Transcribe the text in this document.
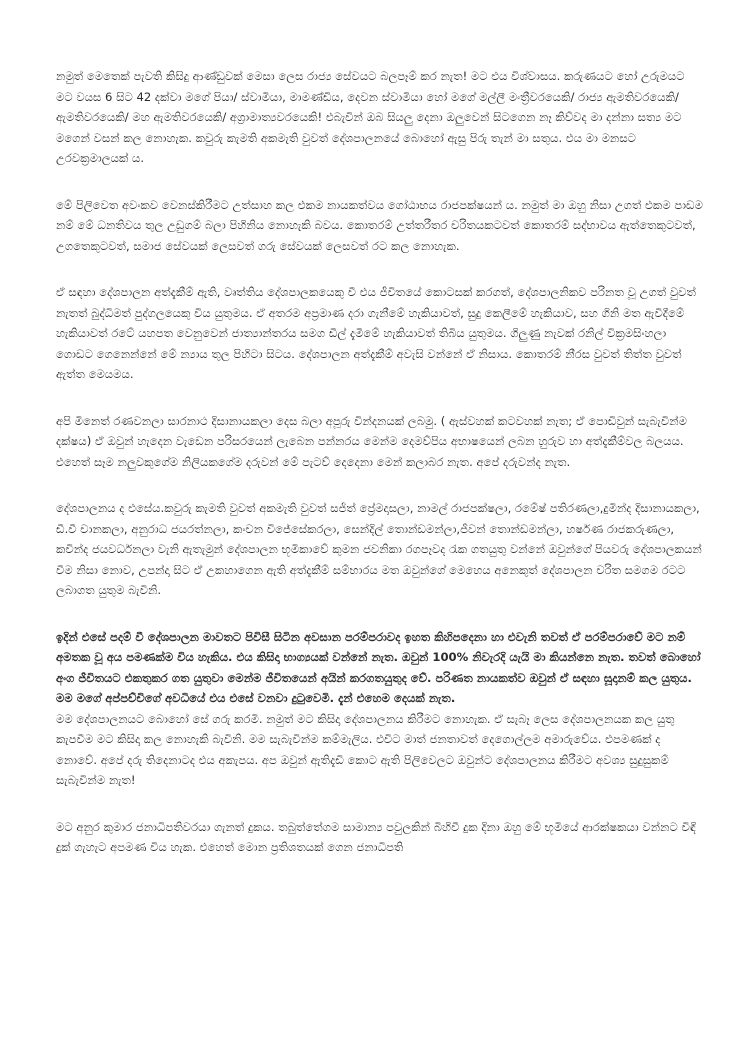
නමුත් මෙතෙක් පැවති කිසිදු ආණ්ඩුවක් මෙසා ලෙස රාජ්‍ය සේවයට බලපෑම් කර නැත! මට එය විශ්වාසය. කරුණයට හෝ උරුමයට මට වයස 6 සිට 42 දක්වා මගේ පියා/ ස්වාමියා, මාමණ්ඩිය, දෙවන ස්වාමියා හෝ මගේ මල්ලී මංත්‍රීවරයෙකි/ රාජ්‍ය ඇමතිවරයෙකි/ ඇමතිවරයෙකි/ මහ ඇමතිවරයෙකි/ අග්‍රාමාත්‍යවරයෙකි! එබැවින් ඔබ සියලු දෙනා ඔලුවෙන් සිටගෙන නෑ කිව්වද මා දන්නා සත්‍ය මට මගෙන් වසන් කල නොහැක. කවුරු කැමති අකමැති වුවත් දේශපාලනයේ බොහෝ ඇසු පිරු තැන් මා සතුය. එය මා මනසට උරවක්‍රමාලයක් ය.

මේ පිලිවෙත අවංකව වෙනස්කිරීමට උත්සාහ කල එකම නායකත්වය ගෝඨාභය රාජපක්ෂයන් ය. නමුත් මා ඔහු නිසා උගත් එකම පාඩම නම් මේ ධනතිවය තුල උඩුගම් බලා පිහිනිය නොහැකි බවය. කොතරම් උත්තරීතර චරිතයකටවත් කොතරම් සද්භාවය ඇත්තෙකුටවත්, උගතෙකුටවත්, සමාජ සේවයක් ලෙසවත් ගරු සේවයක් ලෙසවත් රට කල නොහැක.

ඒ සඳහා දේශපාලන අත්දැකීම් ඇති, වෘත්තිය දේශපාලකයෙකු වී එය ජීවිතයේ කොටසක් කරගත්, දේශපාලනිකව පරිනත වූ උගත් වුවත් නැතත් බුද්ධිමත් පුද්ගලයෙකු විය යුතුමය. ඒ අතරම අප්‍රමාණ දරා ගැනීමේ හැකියාවත්, සුදු කෙලීමේ හැකියාව, සහ ගිනි මත ඇවිදීමේ හැකියාවත් රටේ යහපත වෙනුවෙන් ජාත්‍යාන්තරය සමග ඩීල් දැමීමේ හැකියාවත් තිබිය යුතුමය. ගිලුණු නැවක් රනිල් වික්‍රමසිංහලා ගොඩට ගෙනෙන්නේ මේ න්‍යාය තුල පිහිටා සිටය. දේශපාලන අත්දැකීම් අවැසි වන්නේ ඒ නිසාය. කොතරම් නීරස වුවත් තිත්ත වුවත් ඇත්ත මෙයමය.

අපි මිනෙත් රණවනලා සාරනාථ දිසානායකලා දෙස බලා අපූරු වින්දනයක් ලබමු. ( ඇස්වහක් කටවහක් නැත; ඒ පොඩිවුන් සැබැවින්ම දක්ෂය) ඒ ඔවුන් හැදෙන වැඩෙන පරිසරයෙන් ලැබෙන පන්නරය මෙන්ම දෙමව්පිය අභාෂයෙන් ලබන හුරුව හා අත්දැකීම්වල බලයය. එහෙත් සෑම නලුවකුගේම නිලියකගේම දරුවන් මේ පැටව් දෙදෙනා මෙන් කලාබර නැත. අපේ දරුවන්ද නැත.

දේශපාලනය ද එසේය.කවුරු කැමති වුවත් අකමැති වුවත් සජිත් ප්‍රේමදාසලා, නාමල් රාජපක්ෂලා, රමේෂ් පතිරණලා,දුමින්ද දිසානායකලා, ඩී.වී චානකලා, අනුරාධ ජයරත්නලා, කංචන විජේසේකරලා, සෙන්දිල් තොන්ඩමන්ලා,ජීවන් තොන්ඩමන්ලා, හර්ෂණ රාජකරුණලා, කවින්ද ජයවර්ධනලා වැනි ඇතැමුන් දේශපාලන භූමිකාවේ කුමන ජවනිකා රගපෑවද රැක ගතයුතු වන්නේ ඔවුන්ගේ පියවරු දේශපාලකයන් වීම නිසා නොව, උපන්දා සිට ඒ උකහාගෙන ඇති අත්දැකීම් සම්භාරය මත ඔවුන්ගේ මෙහෙය අනෙකුත් දේශපාලන චරිත සමගම රටට ලබාගත යුතුම බැවිනි.

ඉදින් එසේ පදම් වී දේශපාලන මාවතට පිවිසී සිටින අවසාන පරම්පරාවද ඉහත කිහිපදෙනා හා එවැනි තවත් ඒ පරම්පරාවේ මට නම් අමතක වූ අය පමණක්ම විය හැකිය. එය කිසිදා භාග්‍යයක් වන්නේ නැත. ඔවුන් 100% නිවැරදි යැයි මා කියන්නෙ නැත. තවත් බොහෝ අංග ජීවිතයට එකතුකර ගත යුතුවා මෙන්ම ජීවිතයෙන් අයින් කරගතයුතුද වේ. පරිණත නායකත්ව ඔවුන් ඒ සඳහා සූදානම් කල යුතුය. මම මගේ අප්පච්චිගේ අවධියේ එය එසේ වනවා දුටුවෙමි. දැන් එහෙම දෙයක් නැත.

මම දේශපාලනයට බොහෝ සේ ගරු කරමි. නමුත් මට කිසිදා දේශපාලනය කිරීමට නොහැක. ඒ සැබෑ ලෙස දේශපාලනයක කල යුතු කැපවීම මට කිසිදා කල නොහැකි බැවිනි. මම සැබැවින්ම කම්මැලිය. එවිට මාත් ජනතාවත් දෙගොල්ලම අමාරුවේය. එපමණක් ද නොවේ. අපේ දරු තිදෙනාටද එය අකැපය. අප ඔවුන් ඇතිදැඩි කොට ඇති පිලිවෙලට ඔවුන්ට දේශපාලනය කිරීමට අවශ්‍ය සුදුසුකම් සැබැවින්ම නැත!

මට අනුර කුමාර ජනාධිපතිවරයා ගැනත් දුකය. තබුත්තේගම සාමාන්‍ය පවුලකින් බිහිවී දුක දිනා ඔහු මේ භූමියේ ආරක්ෂකයා වන්නට විඳි දුක් ගැහැට අපමණ විය හැක. එහෙත් මොන ප්‍රතිශතයක් ගෙන ජනාධිපති
